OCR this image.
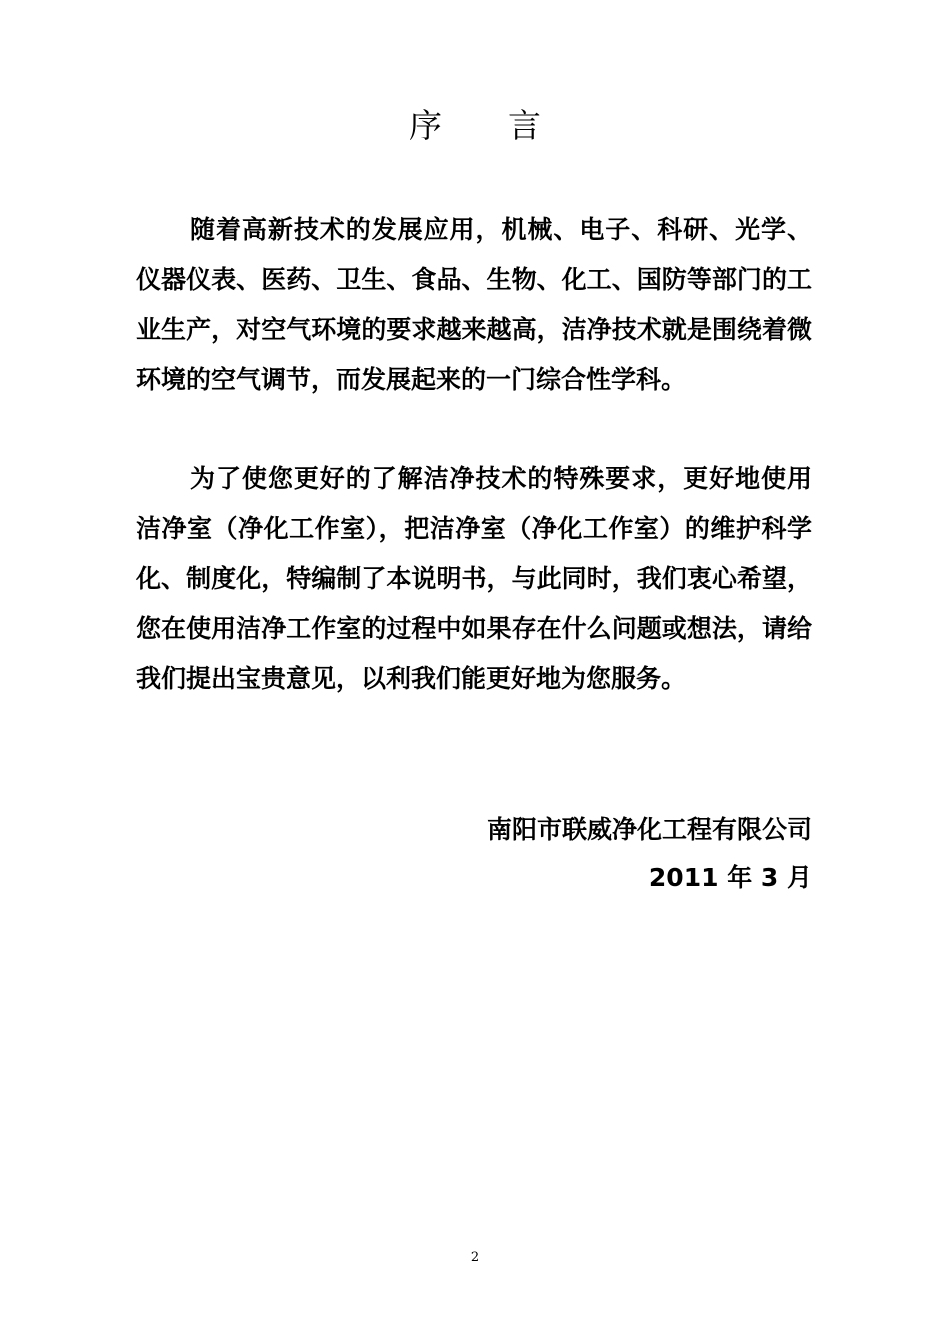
序　　言

随着高新技术的发展应用，机械、电子、科研、光学、仪器仪表、医药、卫生、食品、生物、化工、国防等部门的工业生产，对空气环境的要求越来越高，洁净技术就是围绕着微环境的空气调节，而发展起来的一门综合性学科。

为了使您更好的了解洁净技术的特殊要求，更好地使用洁净室（净化工作室），把洁净室（净化工作室）的维护科学化、制度化，特编制了本说明书，与此同时，我们衷心希望，您在使用洁净工作室的过程中如果存在什么问题或想法，请给我们提出宝贵意见，以利我们能更好地为您服务。

南阳市联威净化工程有限公司
2011 年 3 月
2
